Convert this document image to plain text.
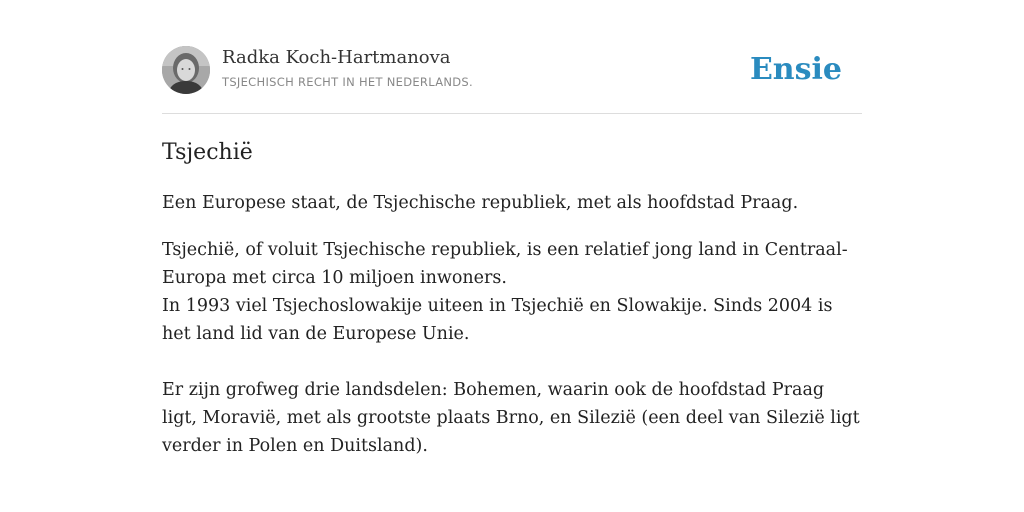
Radka Koch-Hartmanova
TSJECHISCH RECHT IN HET NEDERLANDS.	Ensie
Tsjechië
Een Europese staat, de Tsjechische republiek, met als hoofdstad Praag.

Tsjechië, of voluit Tsjechische republiek, is een relatief jong land in Centraal-Europa met circa 10 miljoen inwoners.

In 1993 viel Tsjechoslowakije uiteen in Tsjechië en Slowakije. Sinds 2004 is het land lid van de Europese Unie.

Er zijn grofweg drie landsdelen: Bohemen, waarin ook de hoofdstad Praag ligt, Moravië, met als grootste plaats Brno, en Silezië (een deel van Silezië ligt verder in Polen en Duitsland).
